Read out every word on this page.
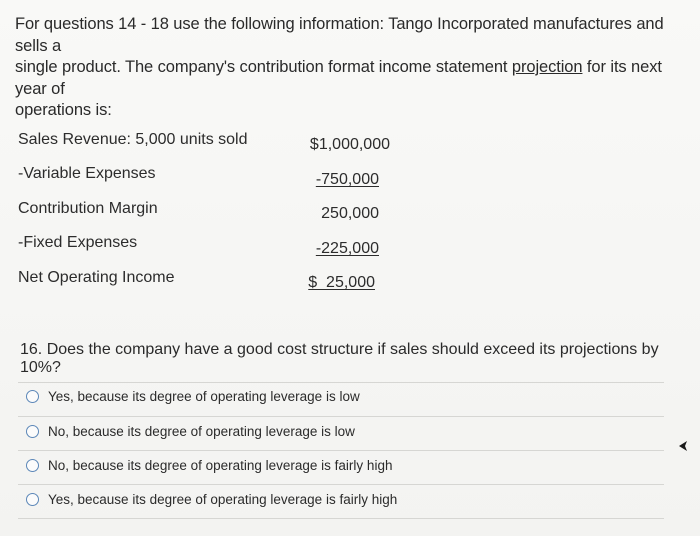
For questions 14 - 18 use the following information: Tango Incorporated manufactures and sells a
single product. The company's contribution format income statement projection for its next year of
operations is:
Sales Revenue: 5,000 units sold	$1,000,000
-Variable Expenses	-750,000
Contribution Margin	250,000
-Fixed Expenses	-225,000
Net Operating Income	$  25,000
16. Does the company have a good cost structure if sales should exceed its projections by 10%?
Yes, because its degree of operating leverage is low
No, because its degree of operating leverage is low
No, because its degree of operating leverage is fairly high
Yes, because its degree of operating leverage is fairly high
